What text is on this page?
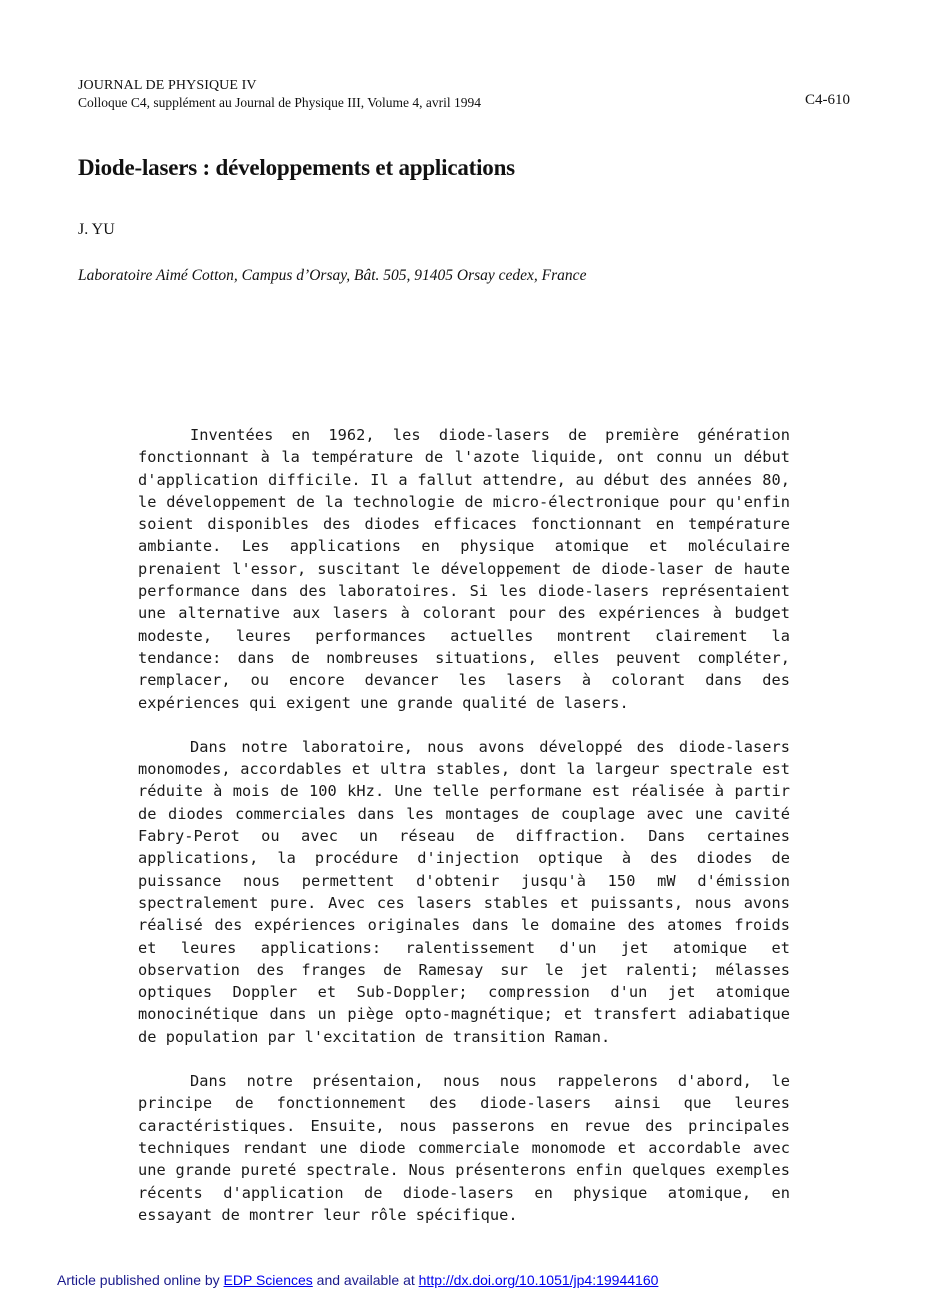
JOURNAL DE PHYSIQUE IV
Colloque C4, supplément au Journal de Physique III, Volume 4, avril 1994	C4-610
Diode-lasers : développements et applications
J. YU
Laboratoire Aimé Cotton, Campus d’Orsay, Bât. 505, 91405 Orsay cedex, France

Inventées en 1962, les diode-lasers de première génération fonctionnant à la température de l'azote liquide, ont connu un début d'application difficile. Il a fallut attendre, au début des années 80, le développement de la technologie de micro-électronique pour qu'enfin soient disponibles des diodes efficaces fonctionnant en température ambiante. Les applications en physique atomique et moléculaire prenaient l'essor, suscitant le développement de diode-laser de haute performance dans des laboratoires. Si les diode-lasers représentaient une alternative aux lasers à colorant pour des expériences à budget modeste, leures performances actuelles montrent clairement la tendance: dans de nombreuses situations, elles peuvent compléter, remplacer, ou encore devancer les lasers à colorant dans des expériences qui exigent une grande qualité de lasers.

Dans notre laboratoire, nous avons développé des diode-lasers monomodes, accordables et ultra stables, dont la largeur spectrale est réduite à mois de 100 kHz. Une telle performane est réalisée à partir de diodes commerciales dans les montages de couplage avec une cavité Fabry-Perot ou avec un réseau de diffraction. Dans certaines applications, la procédure d'injection optique à des diodes de puissance nous permettent d'obtenir jusqu'à 150 mW d'émission spectralement pure. Avec ces lasers stables et puissants, nous avons réalisé des expériences originales dans le domaine des atomes froids et leures applications: ralentissement d'un jet atomique et observation des franges de Ramesay sur le jet ralenti; mélasses optiques Doppler et Sub-Doppler; compression d'un jet atomique monocinétique dans un piège opto-magnétique; et transfert adiabatique de population par l'excitation de transition Raman.

Dans notre présentaion, nous nous rappelerons d'abord, le principe de fonctionnement des diode-lasers ainsi que leures caractéristiques. Ensuite, nous passerons en revue des principales techniques rendant une diode commerciale monomode et accordable avec une grande pureté spectrale. Nous présenterons enfin quelques exemples récents d'application de diode-lasers en physique atomique, en essayant de montrer leur rôle spécifique.

Article published online by EDP Sciences and available at http://dx.doi.org/10.1051/jp4:19944160
